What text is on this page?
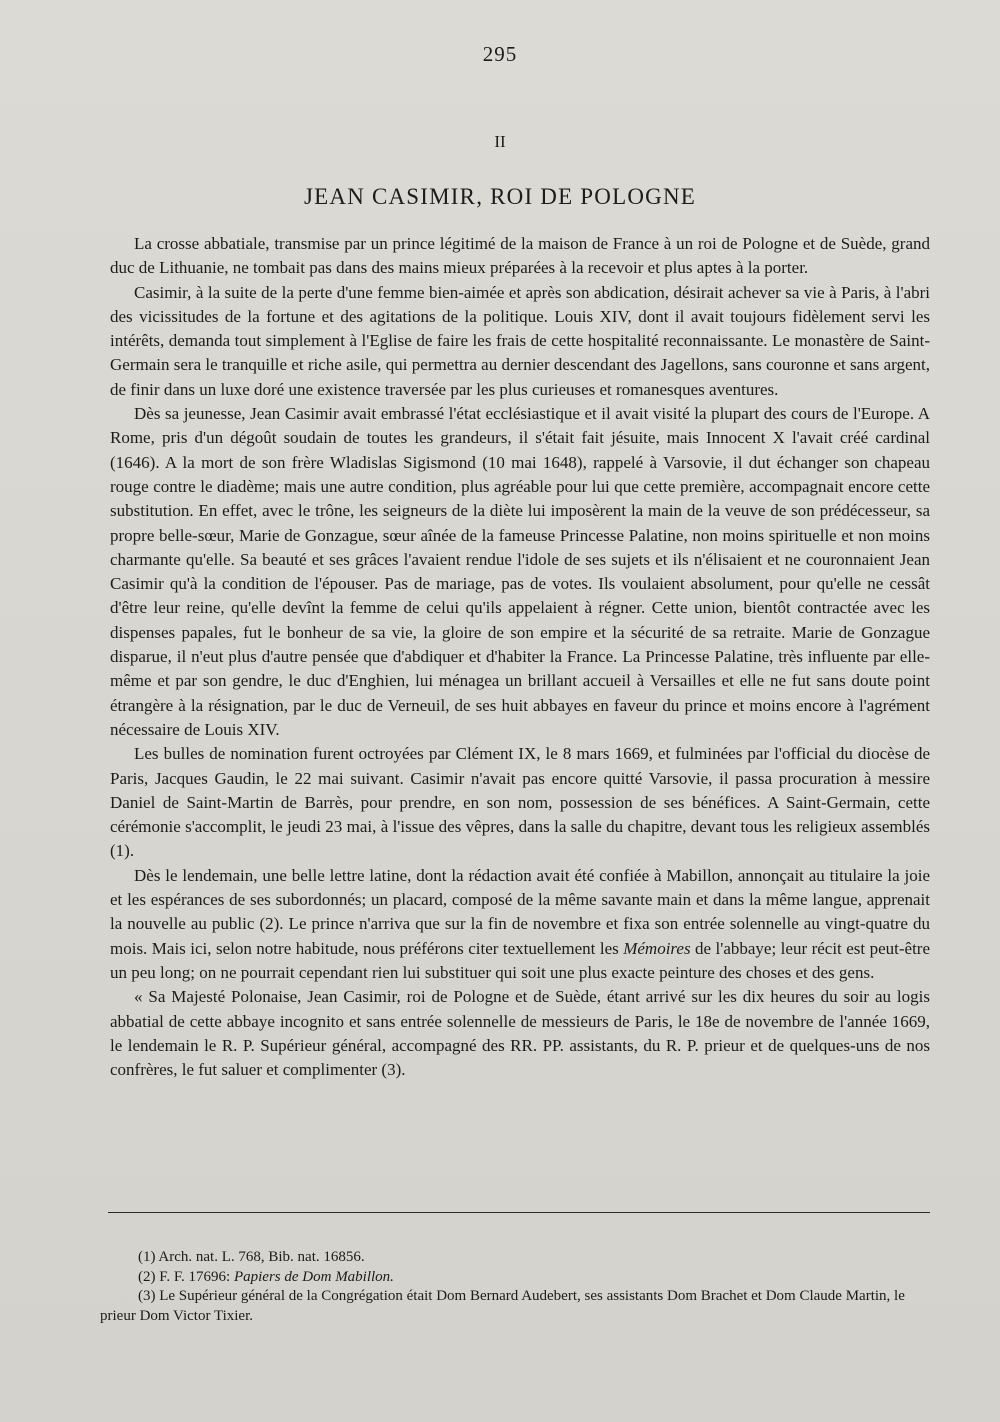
295
II
JEAN CASIMIR, ROI DE POLOGNE

La crosse abbatiale, transmise par un prince légitimé de la maison de France à un roi de Pologne et de Suède, grand duc de Lithuanie, ne tombait pas dans des mains mieux préparées à la recevoir et plus aptes à la porter.

Casimir, à la suite de la perte d'une femme bien-aimée et après son abdication, désirait achever sa vie à Paris, à l'abri des vicissitudes de la fortune et des agitations de la politique. Louis XIV, dont il avait toujours fidèlement servi les intérêts, demanda tout simplement à l'Eglise de faire les frais de cette hospitalité reconnaissante. Le monastère de Saint-Germain sera le tranquille et riche asile, qui permettra au dernier descendant des Jagellons, sans couronne et sans argent, de finir dans un luxe doré une existence traversée par les plus curieuses et romanesques aventures.

Dès sa jeunesse, Jean Casimir avait embrassé l'état ecclésiastique et il avait visité la plupart des cours de l'Europe. A Rome, pris d'un dégoût soudain de toutes les grandeurs, il s'était fait jésuite, mais Innocent X l'avait créé cardinal (1646). A la mort de son frère Wladislas Sigismond (10 mai 1648), rappelé à Varsovie, il dut échanger son chapeau rouge contre le diadème; mais une autre condition, plus agréable pour lui que cette première, accompagnait encore cette substitution. En effet, avec le trône, les seigneurs de la diète lui imposèrent la main de la veuve de son prédécesseur, sa propre belle-sœur, Marie de Gonzague, sœur aînée de la fameuse Princesse Palatine, non moins spirituelle et non moins charmante qu'elle. Sa beauté et ses grâces l'avaient rendue l'idole de ses sujets et ils n'élisaient et ne couronnaient Jean Casimir qu'à la condition de l'épouser. Pas de mariage, pas de votes. Ils voulaient absolument, pour qu'elle ne cessât d'être leur reine, qu'elle devînt la femme de celui qu'ils appelaient à régner. Cette union, bientôt contractée avec les dispenses papales, fut le bonheur de sa vie, la gloire de son empire et la sécurité de sa retraite. Marie de Gonzague disparue, il n'eut plus d'autre pensée que d'abdiquer et d'habiter la France. La Princesse Palatine, très influente par elle-même et par son gendre, le duc d'Enghien, lui ménagea un brillant accueil à Versailles et elle ne fut sans doute point étrangère à la résignation, par le duc de Verneuil, de ses huit abbayes en faveur du prince et moins encore à l'agrément nécessaire de Louis XIV.

Les bulles de nomination furent octroyées par Clément IX, le 8 mars 1669, et fulminées par l'official du diocèse de Paris, Jacques Gaudin, le 22 mai suivant. Casimir n'avait pas encore quitté Varsovie, il passa procuration à messire Daniel de Saint-Martin de Barrès, pour prendre, en son nom, possession de ses bénéfices. A Saint-Germain, cette cérémonie s'accomplit, le jeudi 23 mai, à l'issue des vêpres, dans la salle du chapitre, devant tous les religieux assemblés (1).

Dès le lendemain, une belle lettre latine, dont la rédaction avait été confiée à Mabillon, annonçait au titulaire la joie et les espérances de ses subordonnés; un placard, composé de la même savante main et dans la même langue, apprenait la nouvelle au public (2). Le prince n'arriva que sur la fin de novembre et fixa son entrée solennelle au vingt-quatre du mois. Mais ici, selon notre habitude, nous préférons citer textuellement les Mémoires de l'abbaye; leur récit est peut-être un peu long; on ne pourrait cependant rien lui substituer qui soit une plus exacte peinture des choses et des gens.

« Sa Majesté Polonaise, Jean Casimir, roi de Pologne et de Suède, étant arrivé sur les dix heures du soir au logis abbatial de cette abbaye incognito et sans entrée solennelle de messieurs de Paris, le 18e de novembre de l'année 1669, le lendemain le R. P. Supérieur général, accompagné des RR. PP. assistants, du R. P. prieur et de quelques-uns de nos confrères, le fut saluer et complimenter (3).

(1) Arch. nat. L. 768, Bib. nat. 16856.

(2) F. F. 17696: Papiers de Dom Mabillon.

(3) Le Supérieur général de la Congrégation était Dom Bernard Audebert, ses assistants Dom Brachet et Dom Claude Martin, le prieur Dom Victor Tixier.
